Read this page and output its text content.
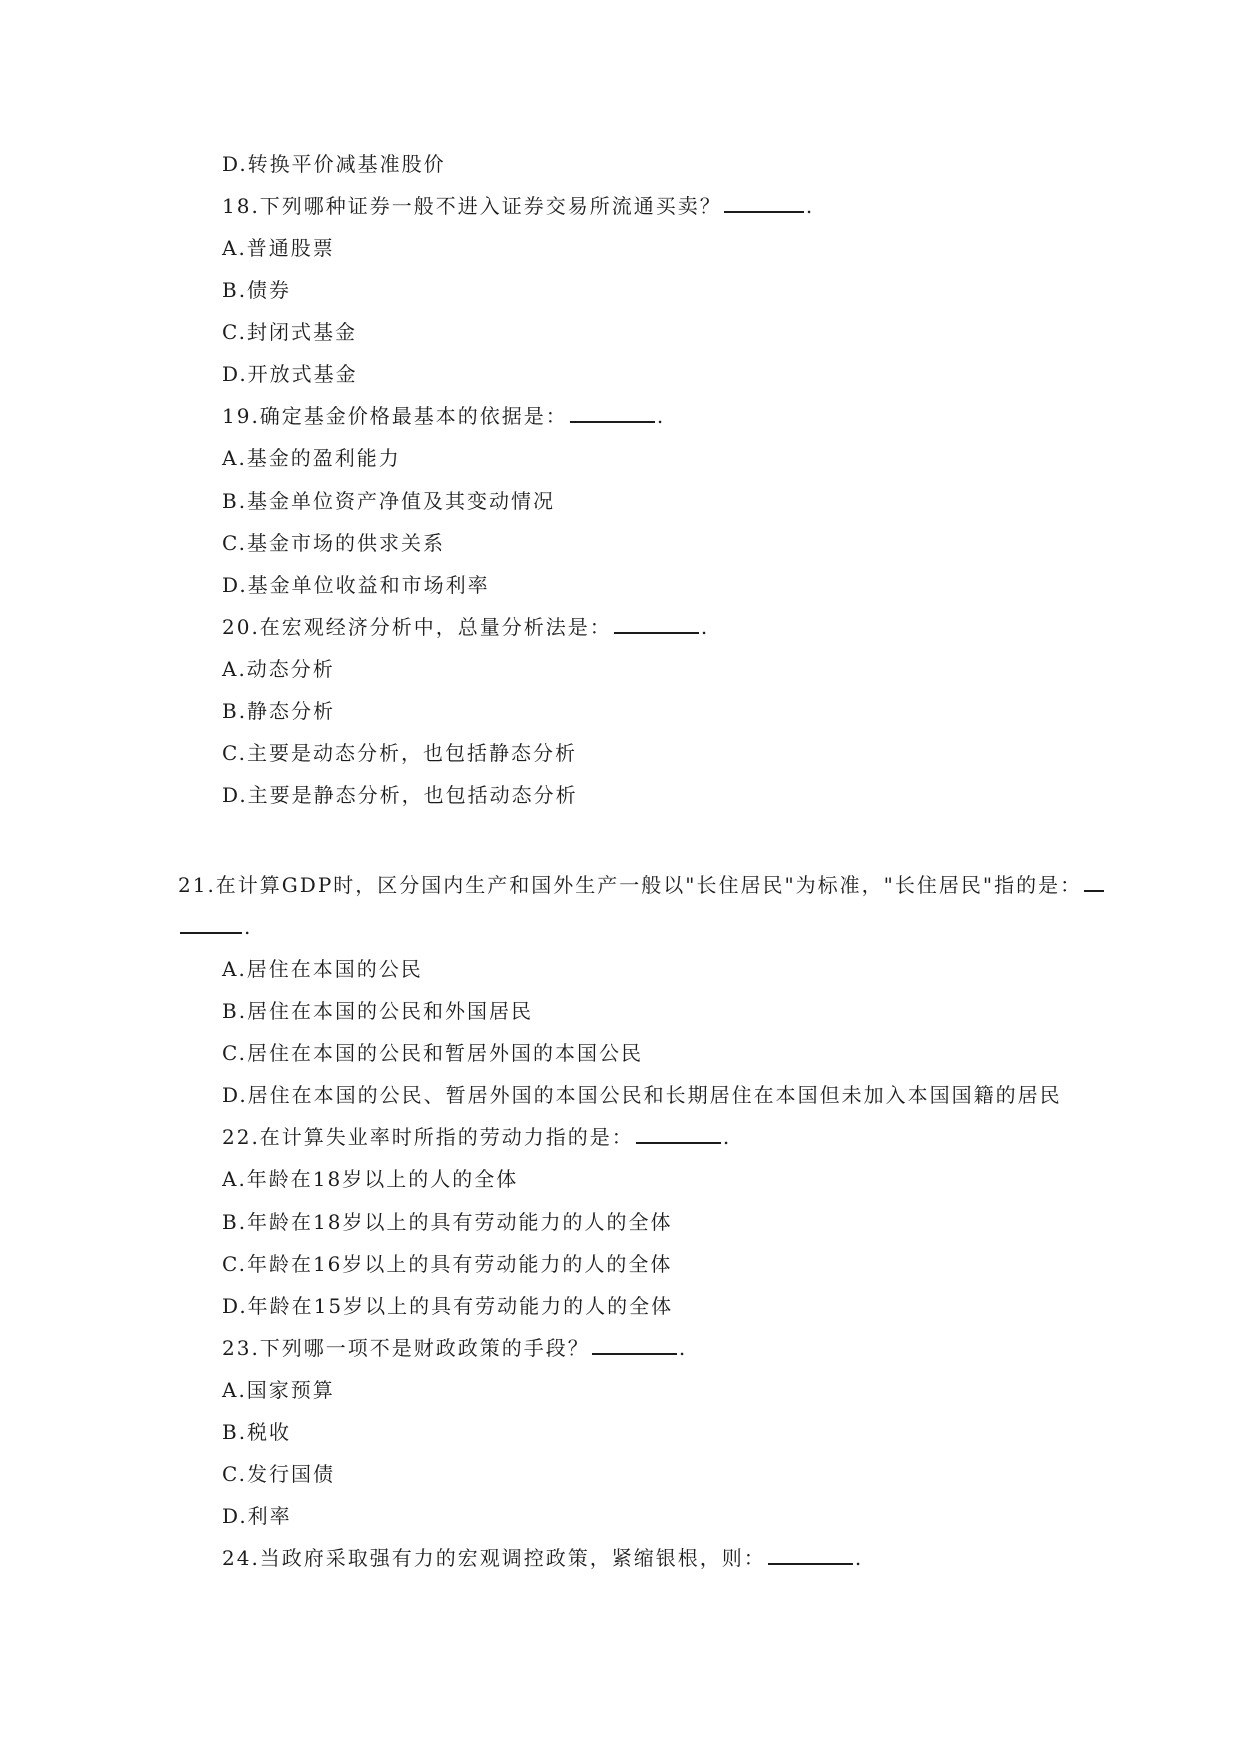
D.转换平价减基准股价
18.下列哪种证券一般不进入证券交易所流通买卖？	.
A.普通股票
B.债券
C.封闭式基金
D.开放式基金
19.确定基金价格最基本的依据是：	.
A.基金的盈利能力
B.基金单位资产净值及其变动情况
C.基金市场的供求关系
D.基金单位收益和市场利率
20.在宏观经济分析中，总量分析法是：	.
A.动态分析
B.静态分析
C.主要是动态分析，也包括静态分析
D.主要是静态分析，也包括动态分析
21.在计算GDP时，区分国内生产和国外生产一般以"长住居民"为标准，"长住居民"指的是：
.
A.居住在本国的公民
B.居住在本国的公民和外国居民
C.居住在本国的公民和暂居外国的本国公民
D.居住在本国的公民、暂居外国的本国公民和长期居住在本国但未加入本国国籍的居民
22.在计算失业率时所指的劳动力指的是：	.
A.年龄在18岁以上的人的全体
B.年龄在18岁以上的具有劳动能力的人的全体
C.年龄在16岁以上的具有劳动能力的人的全体
D.年龄在15岁以上的具有劳动能力的人的全体
23.下列哪一项不是财政政策的手段？	.
A.国家预算
B.税收
C.发行国债
D.利率
24.当政府采取强有力的宏观调控政策，紧缩银根，则：	.
